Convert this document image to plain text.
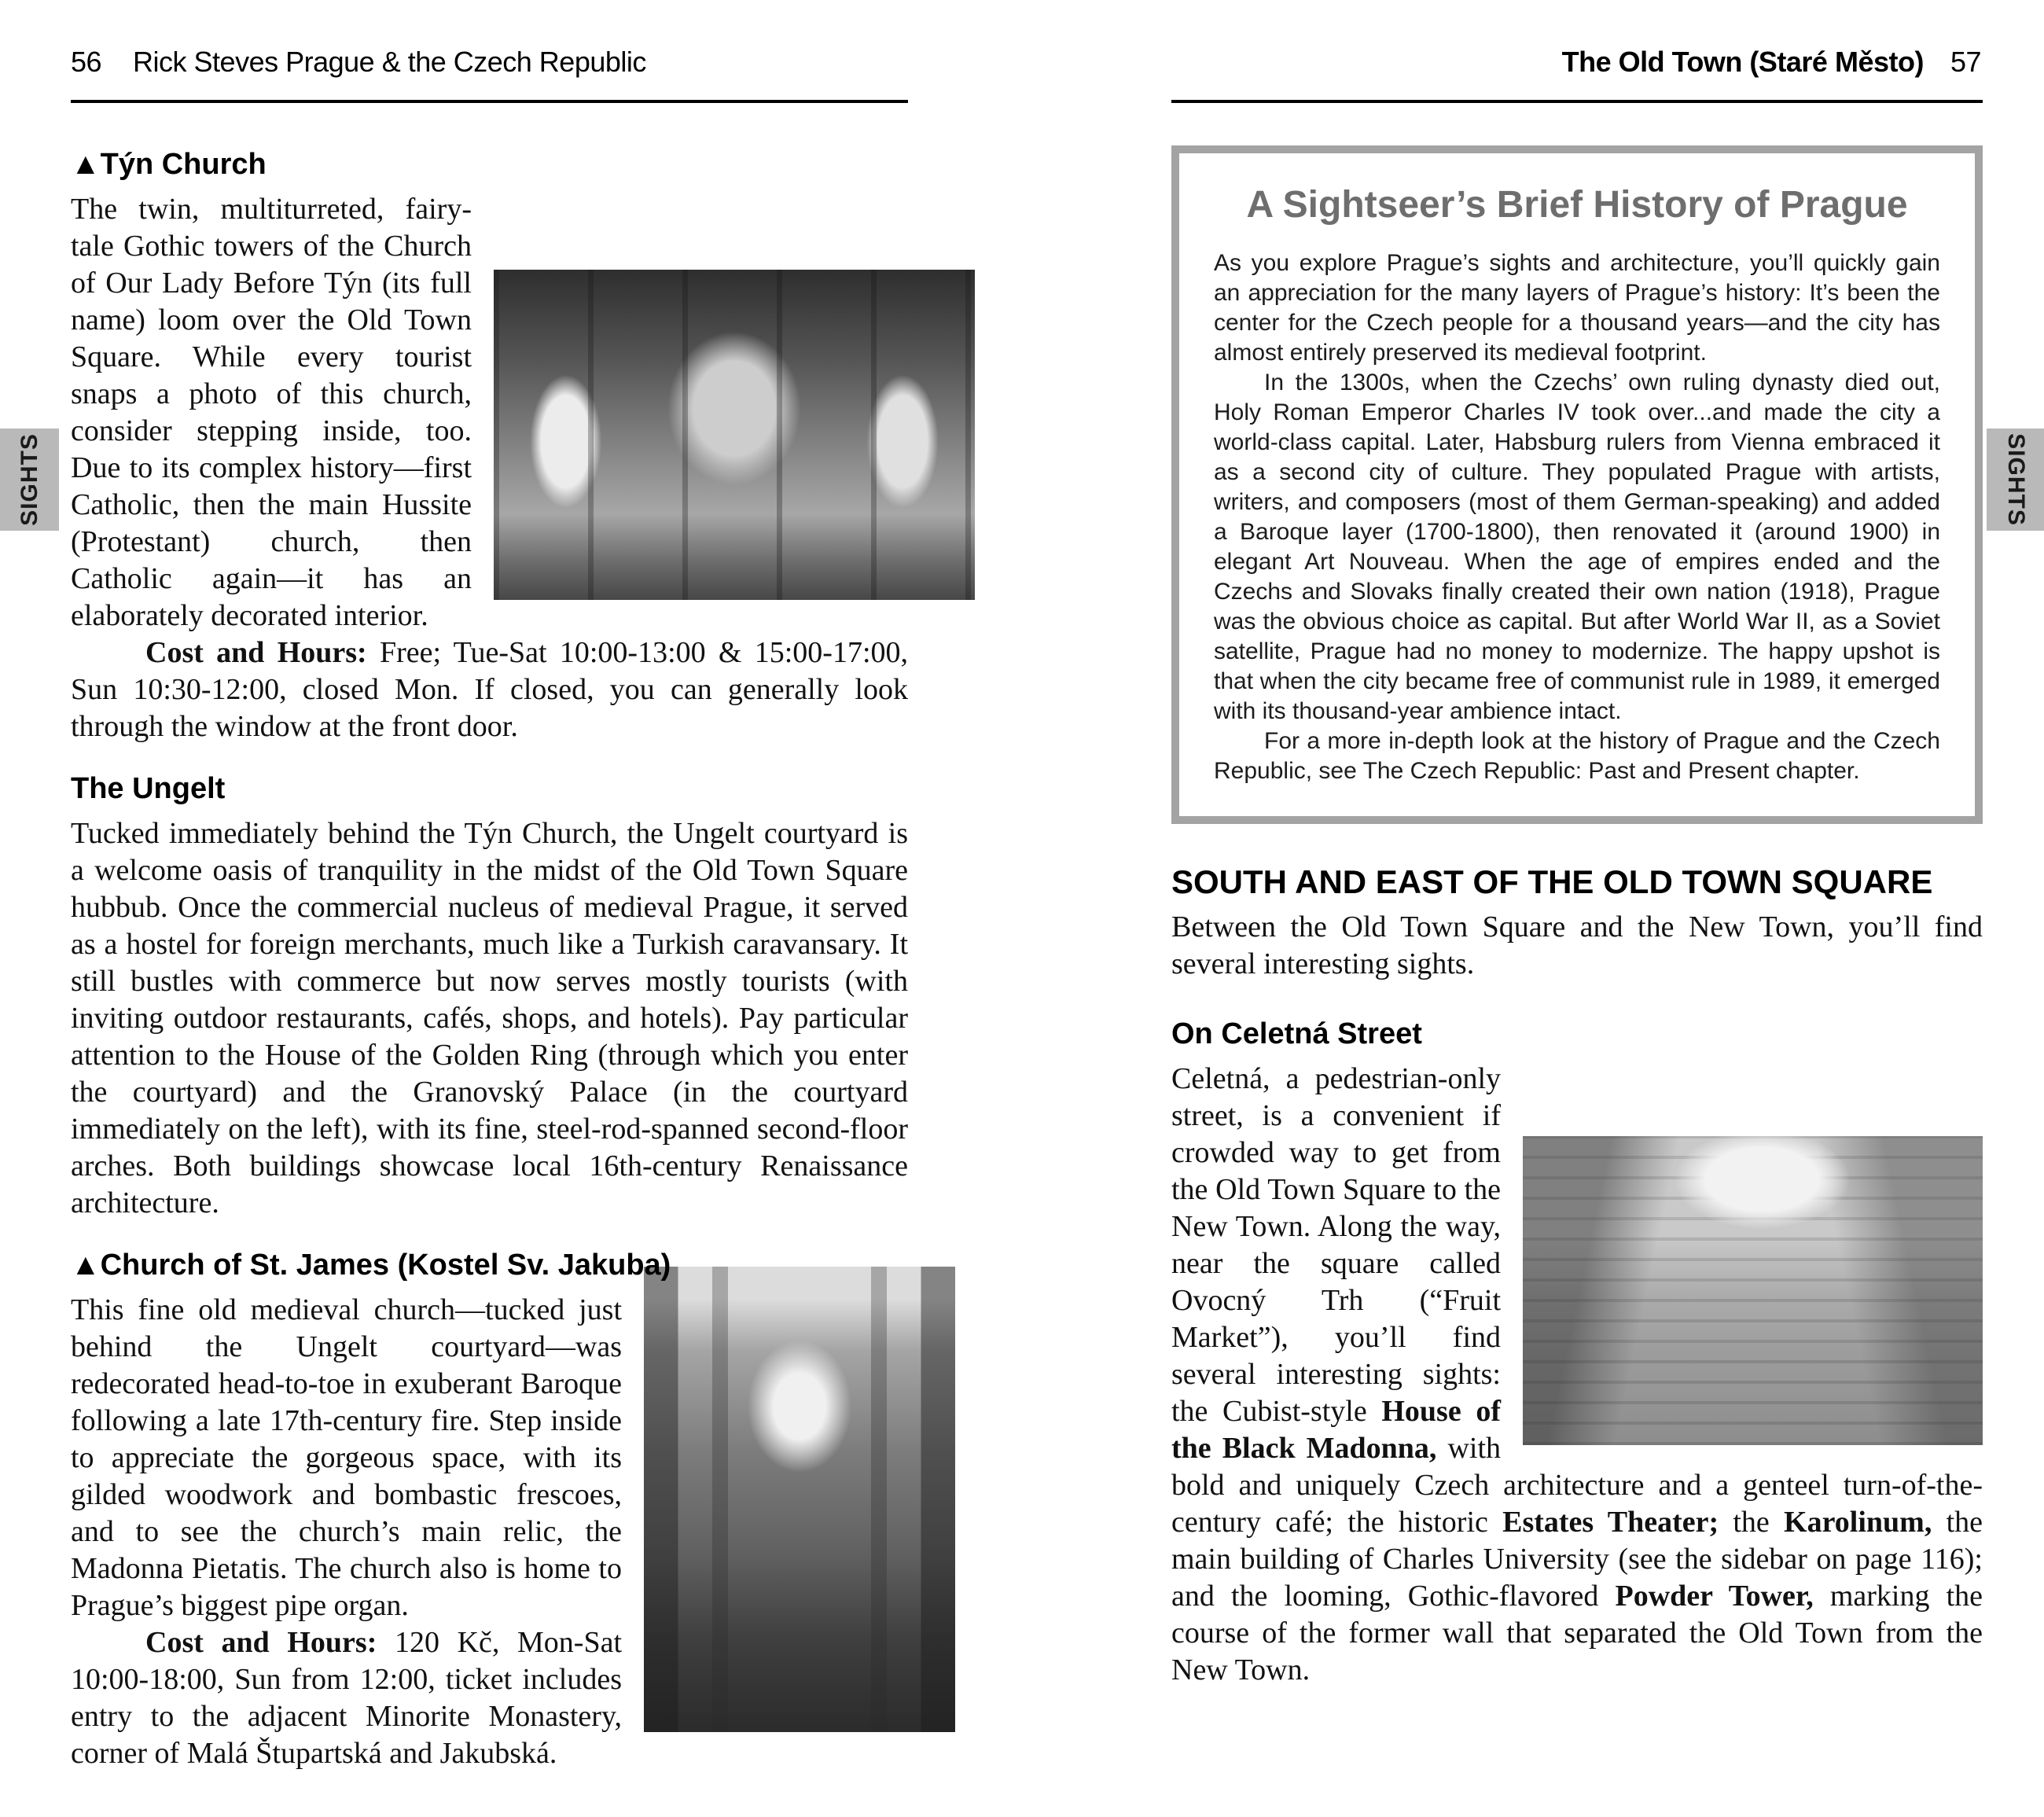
56 Rick Steves Prague & the Czech Republic	The Old Town (Staré Město) 57
SIGHTS	SIGHTS
▲Týn Church

The twin, multiturreted, fairy-tale Gothic towers of the Church of Our Lady Before Týn (its full name) loom over the Old Town Square. While every tourist snaps a photo of this church, consider stepping inside, too. Due to its complex history—first Catholic, then the main Hussite (Protestant) church, then Catholic again—it has an elaborately decorated interior.

Cost and Hours: Free; Tue-Sat 10:00-13:00 & 15:00-17:00, Sun 10:30-12:00, closed Mon. If closed, you can generally look through the window at the front door.

The Ungelt

Tucked immediately behind the Týn Church, the Ungelt courtyard is a welcome oasis of tranquility in the midst of the Old Town Square hubbub. Once the commercial nucleus of medieval Prague, it served as a hostel for foreign merchants, much like a Turkish caravansary. It still bustles with commerce but now serves mostly tourists (with inviting outdoor restaurants, cafés, shops, and hotels). Pay particular attention to the House of the Golden Ring (through which you enter the courtyard) and the Granovský Palace (in the courtyard immediately on the left), with its fine, steel-rod-spanned second-floor arches. Both buildings showcase local 16th-century Renaissance architecture.

▲Church of St. James (Kostel Sv. Jakuba)

This fine old medieval church—tucked just behind the Ungelt courtyard—was redecorated head-to-toe in exuberant Baroque following a late 17th-century fire. Step inside to appreciate the gorgeous space, with its gilded woodwork and bombastic frescoes, and to see the church’s main relic, the Madonna Pietatis. The church also is home to Prague’s biggest pipe organ.

Cost and Hours: 120 Kč, Mon-Sat 10:00-18:00, Sun from 12:00, ticket includes entry to the adjacent Minorite Monastery, corner of Malá Štupartská and Jakubská.

A Sightseer’s Brief History of Prague

As you explore Prague’s sights and architecture, you’ll quickly gain an appreciation for the many layers of Prague’s history: It’s been the center for the Czech people for a thousand years—and the city has almost entirely preserved its medieval footprint.

In the 1300s, when the Czechs’ own ruling dynasty died out, Holy Roman Emperor Charles IV took over...and made the city a world-class capital. Later, Habsburg rulers from Vienna embraced it as a second city of culture. They populated Prague with artists, writers, and composers (most of them German-speaking) and added a Baroque layer (1700-1800), then renovated it (around 1900) in elegant Art Nouveau. When the age of empires ended and the Czechs and Slovaks finally created their own nation (1918), Prague was the obvious choice as capital. But after World War II, as a Soviet satellite, Prague had no money to modernize. The happy upshot is that when the city became free of communist rule in 1989, it emerged with its thousand-year ambience intact.

For a more in-depth look at the history of Prague and the Czech Republic, see The Czech Republic: Past and Present chapter.

SOUTH AND EAST OF THE OLD TOWN SQUARE

Between the Old Town Square and the New Town, you’ll find several interesting sights.

On Celetná Street

Celetná, a pedestrian-only street, is a convenient if crowded way to get from the Old Town Square to the New Town. Along the way, near the square called Ovocný Trh (“Fruit Market”), you’ll find several interesting sights: the Cubist-style House of the Black Madonna, with bold and uniquely Czech architecture and a genteel turn-of-the-century café; the historic Estates Theater; the Karolinum, the main building of Charles University (see the sidebar on page 116); and the looming, Gothic-flavored Powder Tower, marking the course of the former wall that separated the Old Town from the New Town.
